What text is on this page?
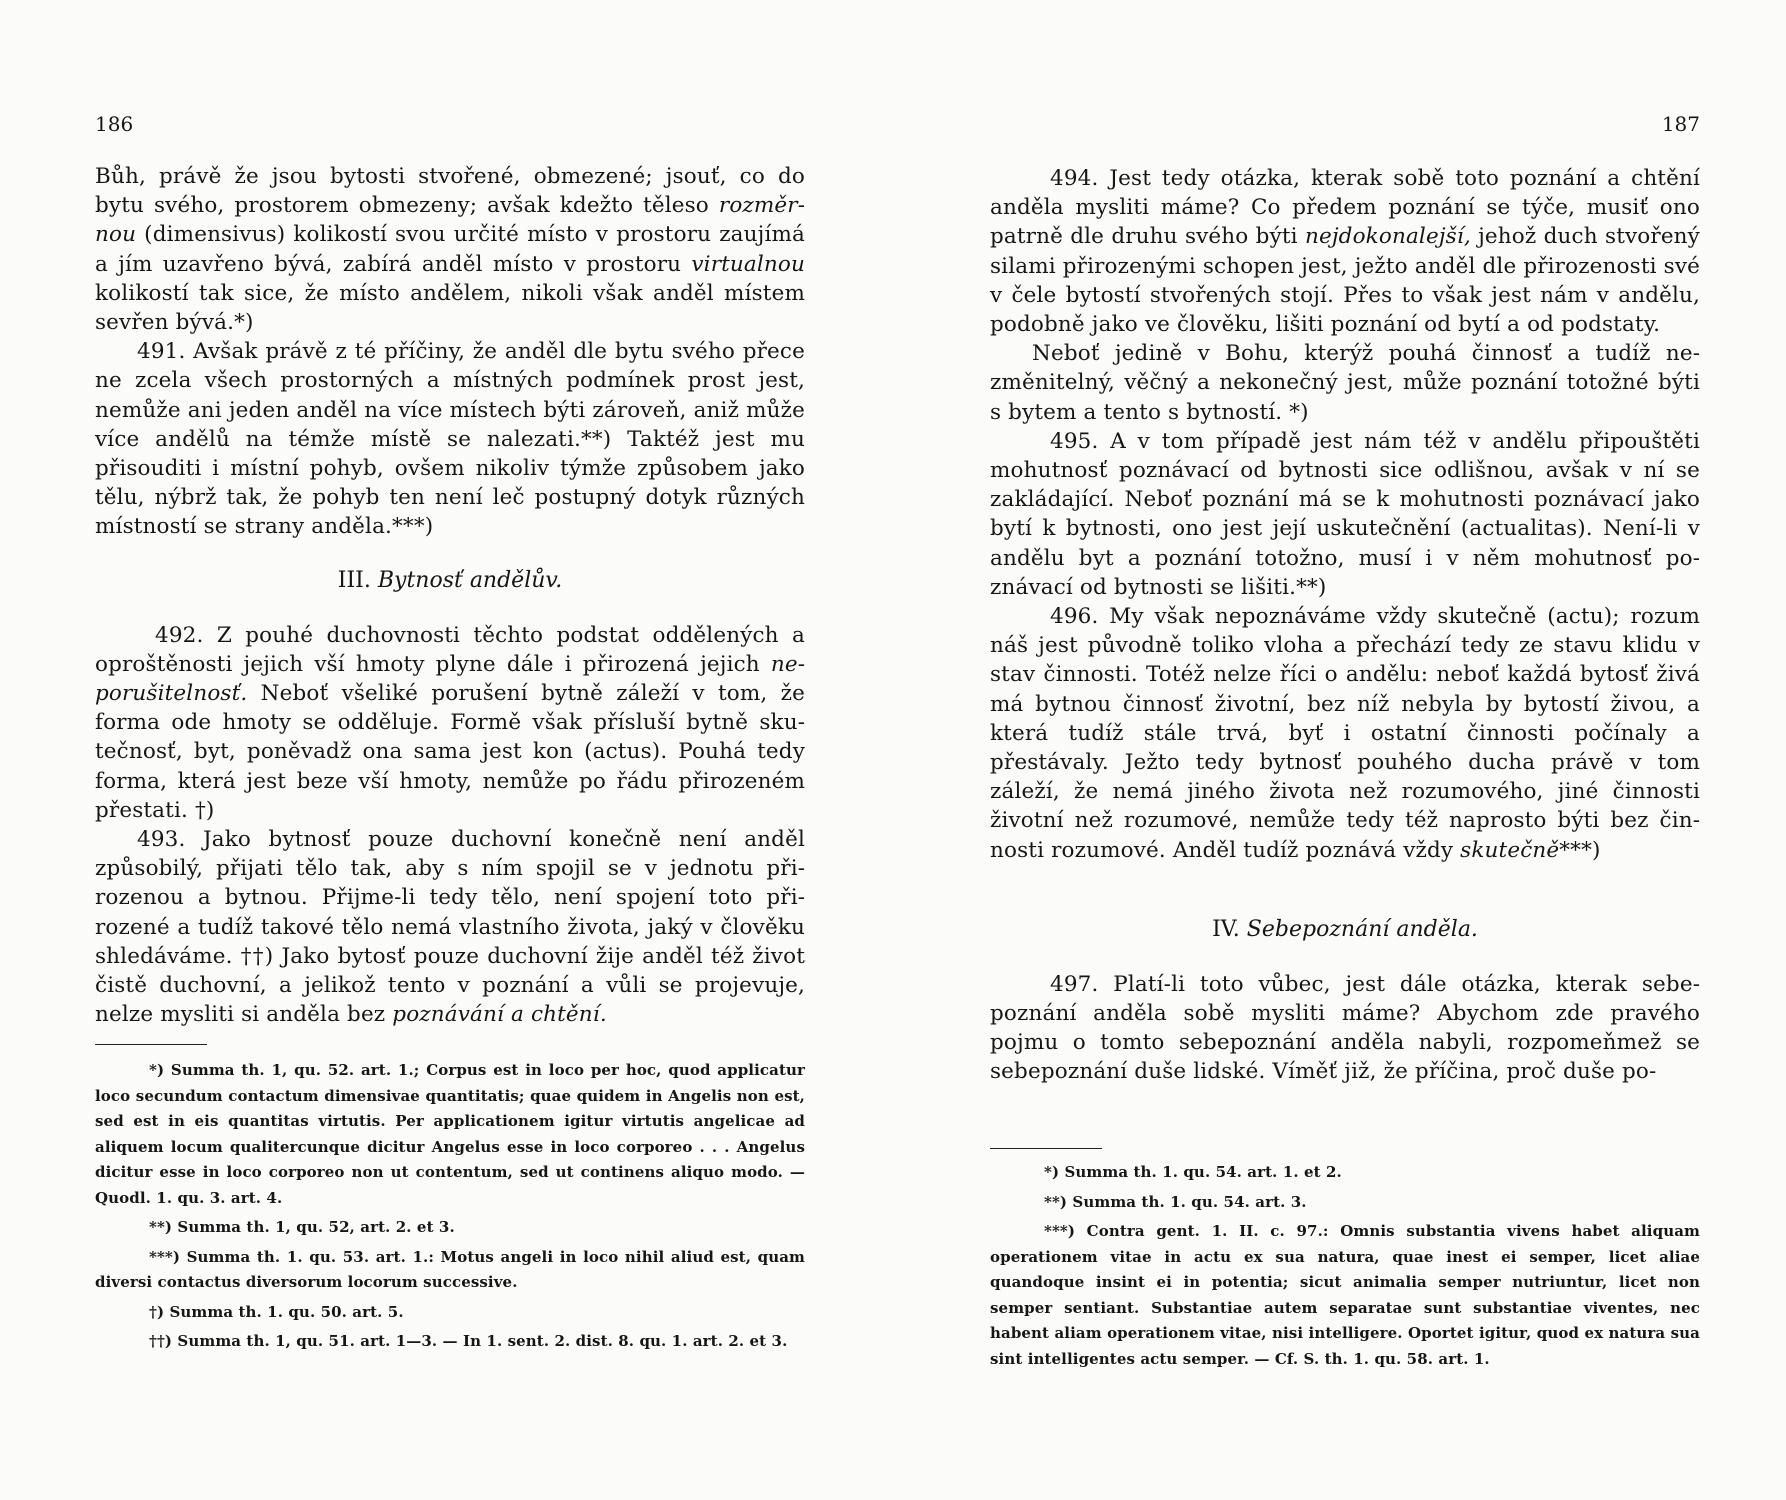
186

Bůh, právě že jsou bytosti stvořené, obmezené; jsouť, co do bytu svého, prostorem obmezeny; avšak kdežto těleso rozměrnou (dimensivus) kolikostí svou určité místo v prostoru zaujímá a jím uzavřeno bývá, zabírá anděl místo v prostoru virtualnou kolikostí tak sice, že místo andělem, nikoli však anděl místem sevřen bývá.*)

491. Avšak právě z té příčiny, že anděl dle bytu svého přece ne zcela všech prostorných a místných podmínek prost jest, nemůže ani jeden anděl na více místech býti zároveň, aniž může více andělů na témže místě se nalezati.**) Taktéž jest mu přisouditi i místní pohyb, ovšem nikoliv týmže způsobem jako tělu, nýbrž tak, že pohyb ten není leč postupný dotyk různých místností se strany anděla.***)

III. Bytnosť andělův.

492. Z pouhé duchovnosti těchto podstat oddělených a oproštěnosti jejich vší hmoty plyne dále i přirozená jejich neporušitelnosť. Neboť všeliké porušení bytně záleží v tom, že forma ode hmoty se odděluje. Formě však přísluší bytně skutečnosť, byt, poněvadž ona sama jest kon (actus). Pouhá tedy forma, která jest beze vší hmoty, nemůže po řádu přirozeném přestati. †)

493. Jako bytnosť pouze duchovní konečně není anděl způsobilý, přijati tělo tak, aby s ním spojil se v jednotu přirozenou a bytnou. Přijme-li tedy tělo, není spojení toto přirozené a tudíž takové tělo nemá vlastního života, jaký v člověku shledáváme. ††) Jako bytosť pouze duchovní žije anděl též život čistě duchovní, a jelikož tento v poznání a vůli se projevuje, nelze mysliti si anděla bez poznávání a chtění.

*) Summa th. 1, qu. 52. art. 1.; Corpus est in loco per hoc, quod applicatur loco secundum contactum dimensivae quantitatis; quae quidem in Angelis non est, sed est in eis quantitas virtutis. Per applicationem igitur virtutis angelicae ad aliquem locum qualitercunque dicitur Angelus esse in loco corporeo . . . Angelus dicitur esse in loco corporeo non ut contentum, sed ut continens aliquo modo. — Quodl. 1. qu. 3. art. 4.

**) Summa th. 1, qu. 52, art. 2. et 3.

***) Summa th. 1. qu. 53. art. 1.: Motus angeli in loco nihil aliud est, quam diversi contactus diversorum locorum successive.

†) Summa th. 1. qu. 50. art. 5.

††) Summa th. 1, qu. 51. art. 1—3. — In 1. sent. 2. dist. 8. qu. 1. art. 2. et 3.

187

494. Jest tedy otázka, kterak sobě toto poznání a chtění anděla mysliti máme? Co předem poznání se týče, musiť ono patrně dle druhu svého býti nejdokonalejší, jehož duch stvořený silami přirozenými schopen jest, ježto anděl dle přirozenosti své v čele bytostí stvořených stojí. Přes to však jest nám v andělu, podobně jako ve člověku, lišiti poznání od bytí a od podstaty.

Neboť jedině v Bohu, kterýž pouhá činnosť a tudíž nezměnitelný, věčný a nekonečný jest, může poznání totožné býti s bytem a tento s bytností. *)

495. A v tom případě jest nám též v andělu připouštěti mohutnosť poznávací od bytnosti sice odlišnou, avšak v ní se zakládající. Neboť poznání má se k mohutnosti poznávací jako bytí k bytnosti, ono jest její uskutečnění (actualitas). Není-li v andělu byt a poznání totožno, musí i v něm mohutnosť poznávací od bytnosti se lišiti.**)

496. My však nepoznáváme vždy skutečně (actu); rozum náš jest původně toliko vloha a přechází tedy ze stavu klidu v stav činnosti. Totéž nelze říci o andělu: neboť každá bytosť živá má bytnou činnosť životní, bez níž nebyla by bytostí živou, a která tudíž stále trvá, byť i ostatní činnosti počínaly a přestávaly. Ježto tedy bytnosť pouhého ducha právě v tom záleží, že nemá jiného života než rozumového, jiné činnosti životní než rozumové, nemůže tedy též naprosto býti bez činnosti rozumové. Anděl tudíž poznává vždy skutečně***)

IV. Sebepoznání anděla.

497. Platí-li toto vůbec, jest dále otázka, kterak sebepoznání anděla sobě mysliti máme? Abychom zde pravého pojmu o tomto sebepoznání anděla nabyli, rozpomeňmež se sebepoznání duše lidské. Víměť již, že příčina, proč duše po-

*) Summa th. 1. qu. 54. art. 1. et 2.

**) Summa th. 1. qu. 54. art. 3.

***) Contra gent. 1. II. c. 97.: Omnis substantia vivens habet aliquam operationem vitae in actu ex sua natura, quae inest ei semper, licet aliae quandoque insint ei in potentia; sicut animalia semper nutriuntur, licet non semper sentiant. Substantiae autem separatae sunt substantiae viventes, nec habent aliam operationem vitae, nisi intelligere. Oportet igitur, quod ex natura sua sint intelligentes actu semper. — Cf. S. th. 1. qu. 58. art. 1.
